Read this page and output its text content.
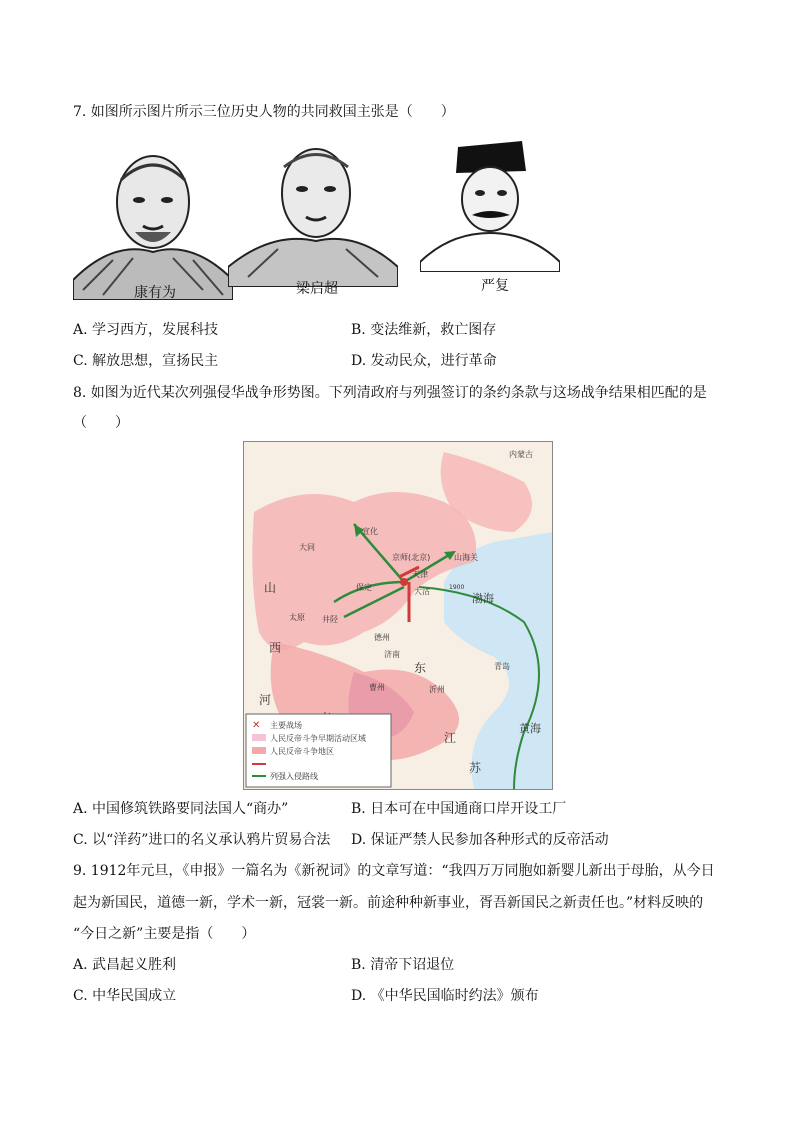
7. 如图所示图片所示三位历史人物的共同救国主张是（　　）
康有为	梁启超	严复
A. 学习西方，发展科技	B. 变法维新，救亡图存
C. 解放思想，宣扬民主	D. 发动民众，进行革命
8. 如图为近代某次列强侵华战争形势图。下列清政府与列强签订的条约条款与这场战争结果相匹配的是
（　　）
内蒙古
宣化
大同
京师(北京)	山海关
天津
大沽
保定
太原 井陉
德州
济南
青岛
沂州
曹州
渤海
黄海
山
西
东
河
江
苏
1900
✕ 主要战场
人民反帝斗争早期活动区域
人民反帝斗争地区
列强入侵路线
A. 中国修筑铁路要同法国人“商办”	B. 日本可在中国通商口岸开设工厂
C. 以“洋药”进口的名义承认鸦片贸易合法 D. 保证严禁人民参加各种形式的反帝活动
9. 1912年元旦，《申报》一篇名为《新祝词》的文章写道：“我四万万同胞如新婴儿新出于母胎，从今日
起为新国民，道德一新，学术一新，冠裳一新。前途种种新事业，胥吾新国民之新责任也。”材料反映的
“今日之新”主要是指（　　）
A. 武昌起义胜利	B. 清帝下诏退位
C. 中华民国成立	D. 《中华民国临时约法》颁布
